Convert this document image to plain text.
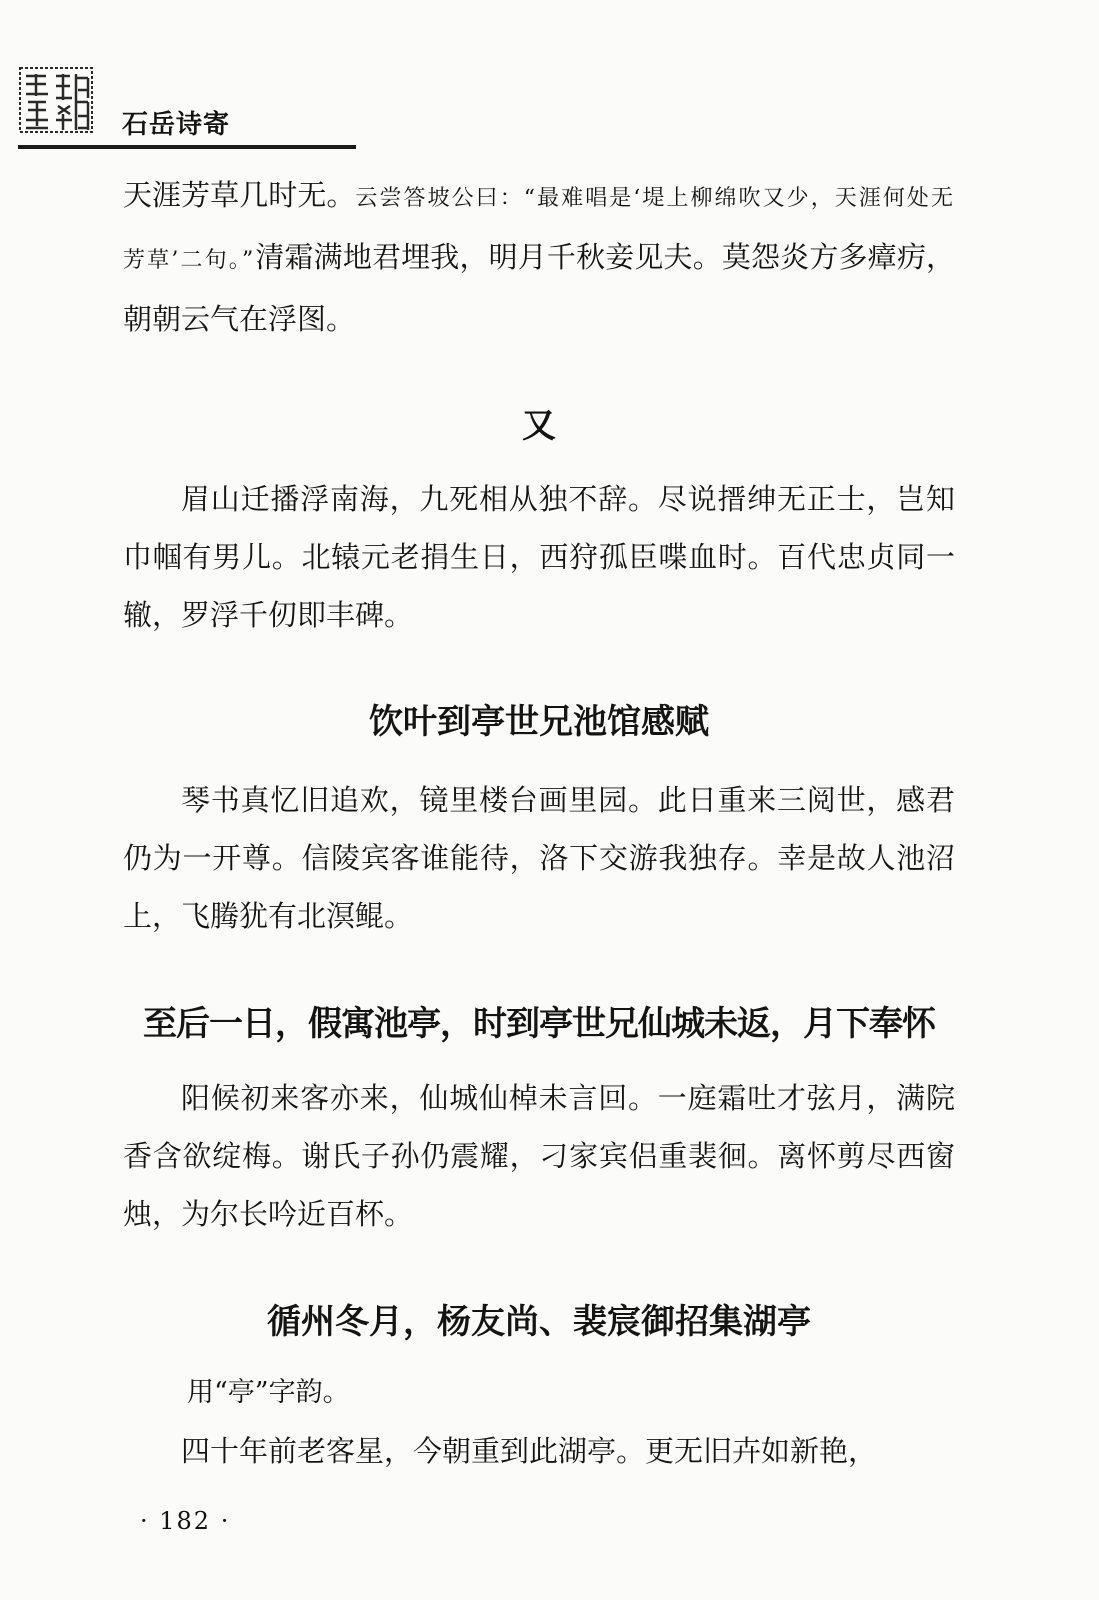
石岳诗寄

天涯芳草几时无。云尝答坡公曰：“最难唱是‘堤上柳绵吹又少，天涯何处无芳草’二句。”清霜满地君埋我，明月千秋妾见夫。莫怨炎方多瘴疠，朝朝云气在浮图。

又

眉山迁播浮南海，九死相从独不辞。尽说搢绅无正士，岂知巾帼有男儿。北辕元老捐生日，西狩孤臣喋血时。百代忠贞同一辙，罗浮千仞即丰碑。

饮叶到亭世兄池馆感赋

琴书真忆旧追欢，镜里楼台画里园。此日重来三阅世，感君仍为一开尊。信陵宾客谁能待，洛下交游我独存。幸是故人池沼上，飞腾犹有北溟鲲。

至后一日，假寓池亭，时到亭世兄仙城未返，月下奉怀

阳候初来客亦来，仙城仙棹未言回。一庭霜吐才弦月，满院香含欲绽梅。谢氏子孙仍震耀，刁家宾侣重裴徊。离怀剪尽西窗烛，为尔长吟近百杯。

循州冬月，杨友尚、裴宸御招集湖亭

用“亭”字韵。

四十年前老客星，今朝重到此湖亭。更无旧卉如新艳，

· 182 ·
